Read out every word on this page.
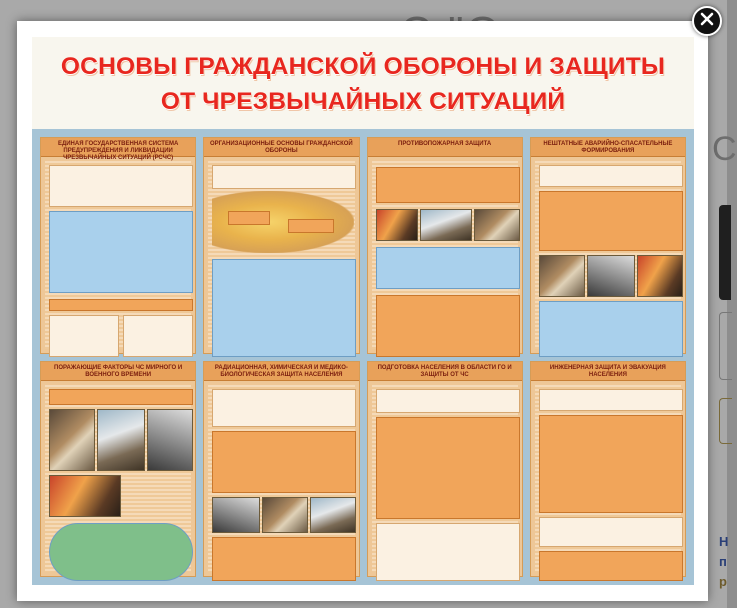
С
Н
п
р
ОСНОВЫ ГРАЖДАНСКОЙ ОБОРОНЫ И ЗАЩИТЫ
ОТ ЧРЕЗВЫЧАЙНЫХ СИТУАЦИЙ
ЕДИНАЯ ГОСУДАРСТВЕННАЯ СИСТЕМА ПРЕДУПРЕЖДЕНИЯ И ЛИКВИДАЦИИ ЧРЕЗВЫЧАЙНЫХ СИТУАЦИЙ (РСЧС)
ОРГАНИЗАЦИОННЫЕ ОСНОВЫ ГРАЖДАНСКОЙ ОБОРОНЫ
ПРОТИВОПОЖАРНАЯ ЗАЩИТА	НЕШТАТНЫЕ АВАРИЙНО-СПАСАТЕЛЬНЫЕ ФОРМИРОВАНИЯ
ПОРАЖАЮЩИЕ ФАКТОРЫ ЧС МИРНОГО И ВОЕННОГО ВРЕМЕНИ
РАДИАЦИОННАЯ, ХИМИЧЕСКАЯ И МЕДИКО-БИОЛОГИЧЕСКАЯ ЗАЩИТА НАСЕЛЕНИЯ
ПОДГОТОВКА НАСЕЛЕНИЯ В ОБЛАСТИ ГО И ЗАЩИТЫ ОТ ЧС
ИНЖЕНЕРНАЯ ЗАЩИТА И ЭВАКУАЦИЯ НАСЕЛЕНИЯ
